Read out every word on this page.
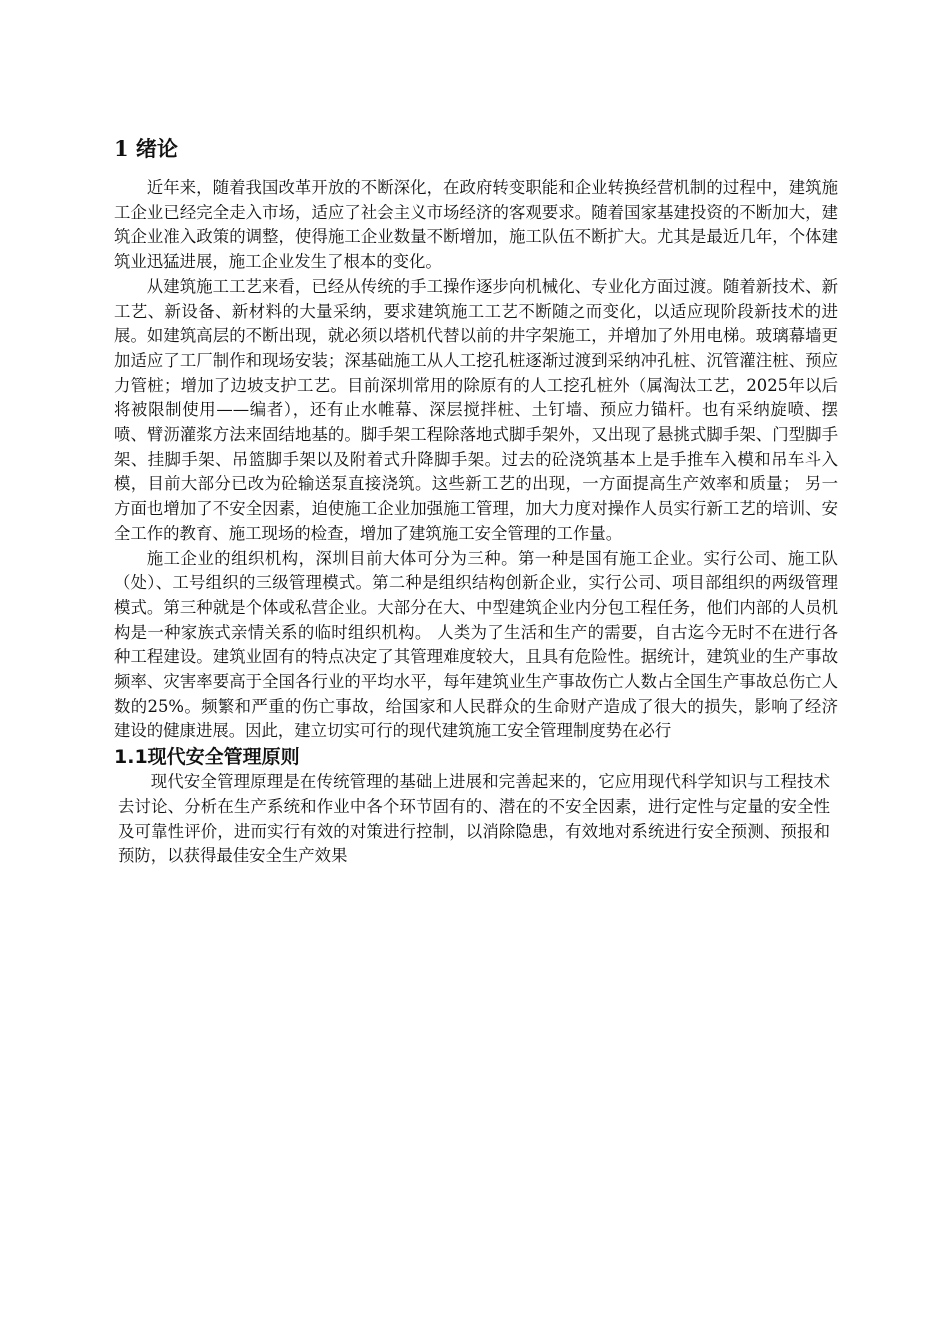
1 绪论

近年来，随着我国改革开放的不断深化，在政府转变职能和企业转换经营机制的过程中，建筑施工企业已经完全走入市场，适应了社会主义市场经济的客观要求。随着国家基建投资的不断加大，建筑企业准入政策的调整，使得施工企业数量不断增加，施工队伍不断扩大。尤其是最近几年，个体建筑业迅猛进展，施工企业发生了根本的变化。

从建筑施工工艺来看，已经从传统的手工操作逐步向机械化、专业化方面过渡。随着新技术、新工艺、新设备、新材料的大量采纳，要求建筑施工工艺不断随之而变化，以适应现阶段新技术的进展。如建筑高层的不断出现，就必须以塔机代替以前的井字架施工，并增加了外用电梯。玻璃幕墙更加适应了工厂制作和现场安装；深基础施工从人工挖孔桩逐渐过渡到采纳冲孔桩、沉管灌注桩、预应力管桩；增加了边坡支护工艺。目前深圳常用的除原有的人工挖孔桩外（属淘汰工艺，2025年以后将被限制使用——编者），还有止水帷幕、深层搅拌桩、土钉墙、预应力锚杆。也有采纳旋喷、摆喷、臂沥灌浆方法来固结地基的。脚手架工程除落地式脚手架外，又出现了悬挑式脚手架、门型脚手架、挂脚手架、吊篮脚手架以及附着式升降脚手架。过去的砼浇筑基本上是手推车入模和吊车斗入模，目前大部分已改为砼输送泵直接浇筑。这些新工艺的出现，一方面提高生产效率和质量； 另一方面也增加了不安全因素，迫使施工企业加强施工管理，加大力度对操作人员实行新工艺的培训、安全工作的教育、施工现场的检查，增加了建筑施工安全管理的工作量。

施工企业的组织机构，深圳目前大体可分为三种。第一种是国有施工企业。实行公司、施工队（处）、工号组织的三级管理模式。第二种是组织结构创新企业，实行公司、项目部组织的两级管理模式。第三种就是个体或私营企业。大部分在大、中型建筑企业内分包工程任务，他们内部的人员机构是一种家族式亲情关系的临时组织机构。 人类为了生活和生产的需要，自古迄今无时不在进行各种工程建设。建筑业固有的特点决定了其管理难度较大，且具有危险性。据统计，建筑业的生产事故频率、灾害率要高于全国各行业的平均水平，每年建筑业生产事故伤亡人数占全国生产事故总伤亡人数的25%。频繁和严重的伤亡事故，给国家和人民群众的生命财产造成了很大的损失，影响了经济建设的健康进展。因此，建立切实可行的现代建筑施工安全管理制度势在必行

1.1现代安全管理原则

现代安全管理原理是在传统管理的基础上进展和完善起来的，它应用现代科学知识与工程技术去讨论、分析在生产系统和作业中各个环节固有的、潜在的不安全因素，进行定性与定量的安全性及可靠性评价，进而实行有效的对策进行控制，以消除隐患，有效地对系统进行安全预测、预报和预防，以获得最佳安全生产效果
